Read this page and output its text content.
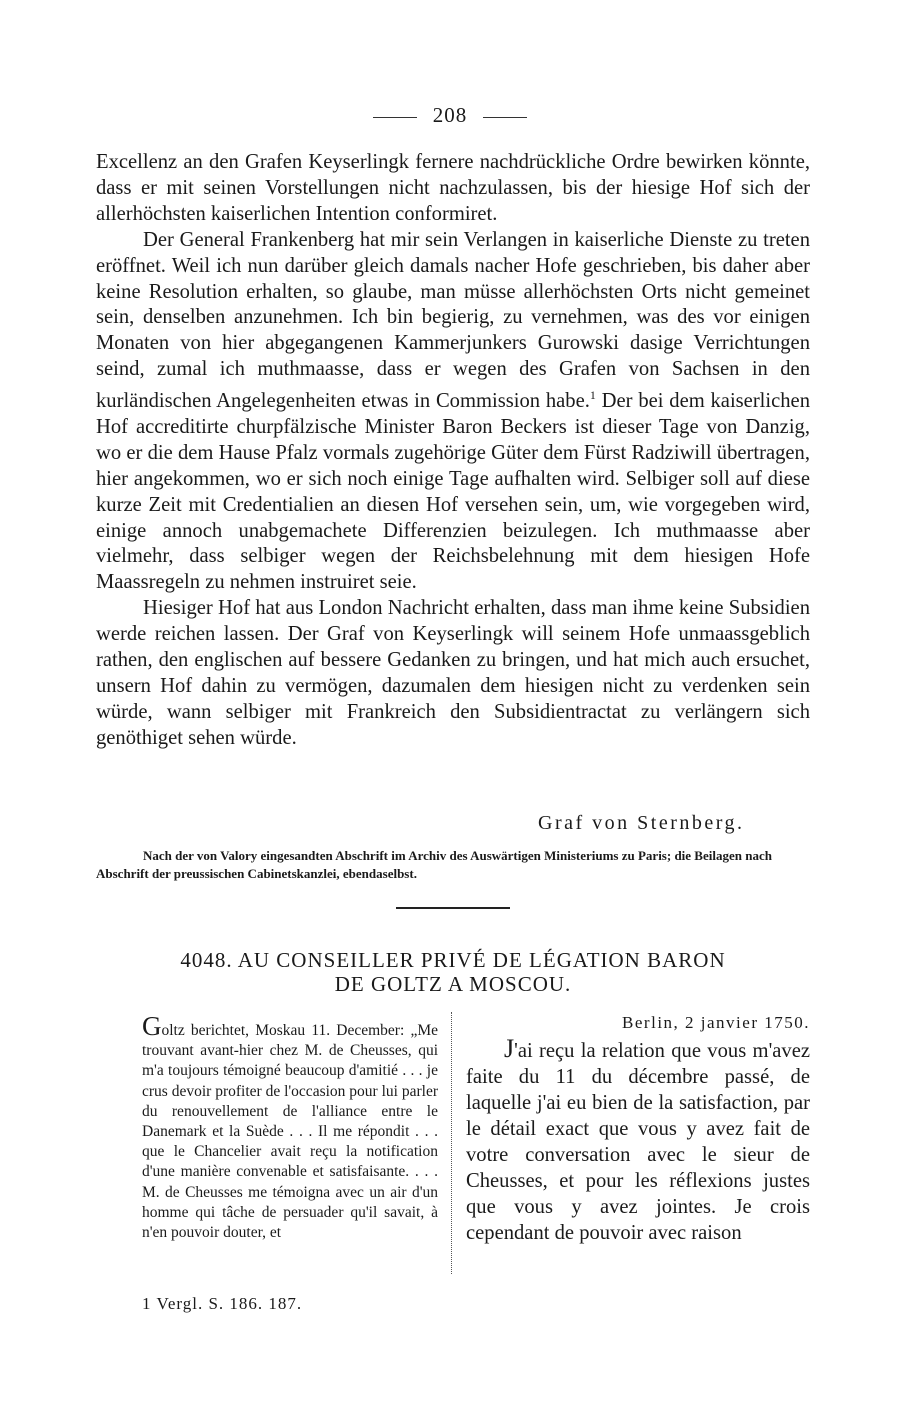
208

Excellenz an den Grafen Keyserlingk fernere nachdrückliche Ordre bewirken könnte, dass er mit seinen Vorstellungen nicht nachzulassen, bis der hiesige Hof sich der allerhöchsten kaiserlichen Intention conformiret.

Der General Frankenberg hat mir sein Verlangen in kaiserliche Dienste zu treten eröffnet. Weil ich nun darüber gleich damals nacher Hofe geschrieben, bis daher aber keine Resolution erhalten, so glaube, man müsse allerhöchsten Orts nicht gemeinet sein, denselben anzunehmen. Ich bin begierig, zu vernehmen, was des vor einigen Monaten von hier abgegangenen Kammerjunkers Gurowski dasige Verrichtungen seind, zumal ich muthmaasse, dass er wegen des Grafen von Sachsen in den kurländischen Angelegenheiten etwas in Commission habe.$^1$ Der bei dem kaiserlichen Hof accreditirte churpfälzische Minister Baron Beckers ist dieser Tage von Danzig, wo er die dem Hause Pfalz vormals zugehörige Güter dem Fürst Radziwill übertragen, hier angekommen, wo er sich noch einige Tage aufhalten wird. Selbiger soll auf diese kurze Zeit mit Credentialien an diesen Hof versehen sein, um, wie vorgegeben wird, einige annoch unabgemachete Differenzien beizulegen. Ich muthmaasse aber vielmehr, dass selbiger wegen der Reichsbelehnung mit dem hiesigen Hofe Maassregeln zu nehmen instruiret seie.

Hiesiger Hof hat aus London Nachricht erhalten, dass man ihme keine Subsidien werde reichen lassen. Der Graf von Keyserlingk will seinem Hofe unmaassgeblich rathen, den englischen auf bessere Gedanken zu bringen, und hat mich auch ersuchet, unsern Hof dahin zu vermögen, dazumalen dem hiesigen nicht zu verdenken sein würde, wann selbiger mit Frankreich den Subsidientractat zu verlängern sich genöthiget sehen würde.

Graf von Sternberg.
Nach der von Valory eingesandten Abschrift im Archiv des Auswärtigen Ministeriums zu Paris; die Beilagen nach Abschrift der preussischen Cabinetskanzlei, ebendaselbst.
4048. AU CONSEILLER PRIVÉ DE LÉGATION BARON
DE GOLTZ A MOSCOU.
Goltz berichtet, Moskau 11. December: „Me trouvant avant-hier chez M. de Cheusses, qui m'a toujours témoigné beaucoup d'amitié . . . je crus devoir profiter de l'occasion pour lui parler du renouvellement de l'alliance entre le Danemark et la Suède . . . Il me répondit . . . que le Chancelier avait reçu la notification d'une manière convenable et satisfaisante. . . . M. de Cheusses me témoigna avec un air d'un homme qui tâche de persuader qu'il savait, à n'en pouvoir douter, et
Berlin, 2 janvier 1750.
J'ai reçu la relation que vous m'avez faite du 11 du décembre passé, de laquelle j'ai eu bien de la satisfaction, par le détail exact que vous y avez fait de votre conversation avec le sieur de Cheusses, et pour les réflexions justes que vous y avez jointes. Je crois cependant de pouvoir avec raison
1 Vergl. S. 186. 187.
